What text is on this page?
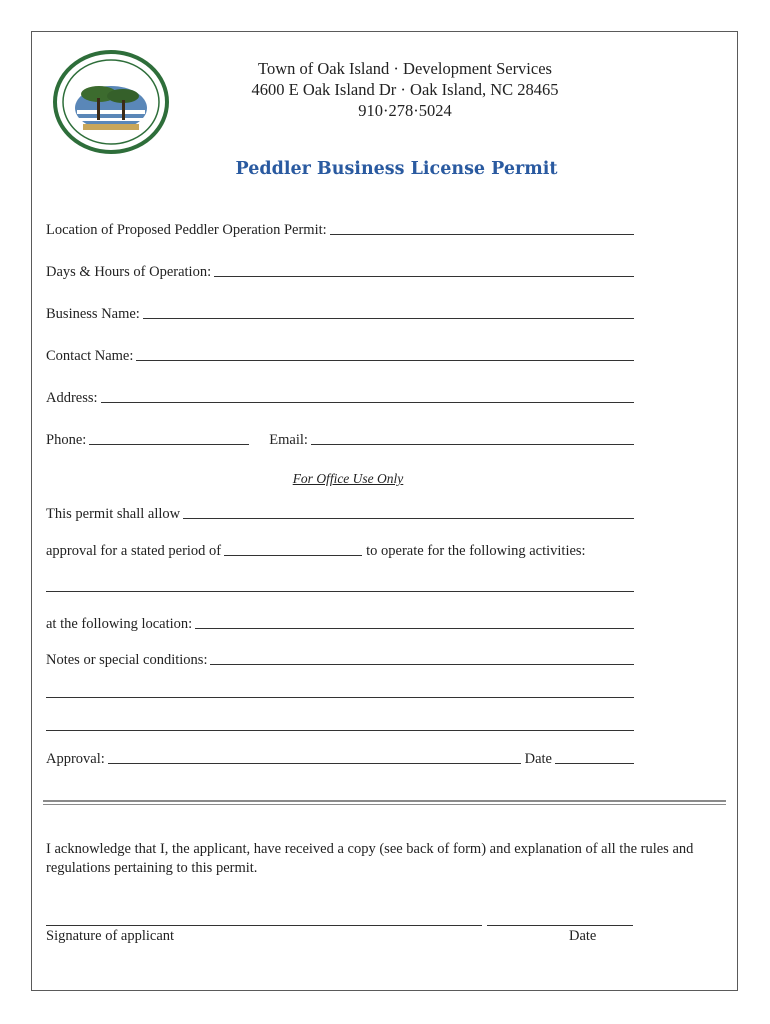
Town of Oak Island · Development Services
4600 E Oak Island Dr · Oak Island, NC 28465
910·278·5024
Peddler Business License Permit
Location of Proposed Peddler Operation Permit:
Days & Hours of Operation:
Business Name:
Contact Name:
Address:
Phone:	Email:
For Office Use Only
This permit shall allow
approval for a stated period of	to operate for the following activities:
at the following location:
Notes or special conditions:
Approval:	Date
I acknowledge that I, the applicant, have received a copy (see back of form) and explanation of all the rules and regulations pertaining to this permit.
Signature of applicant	Date
